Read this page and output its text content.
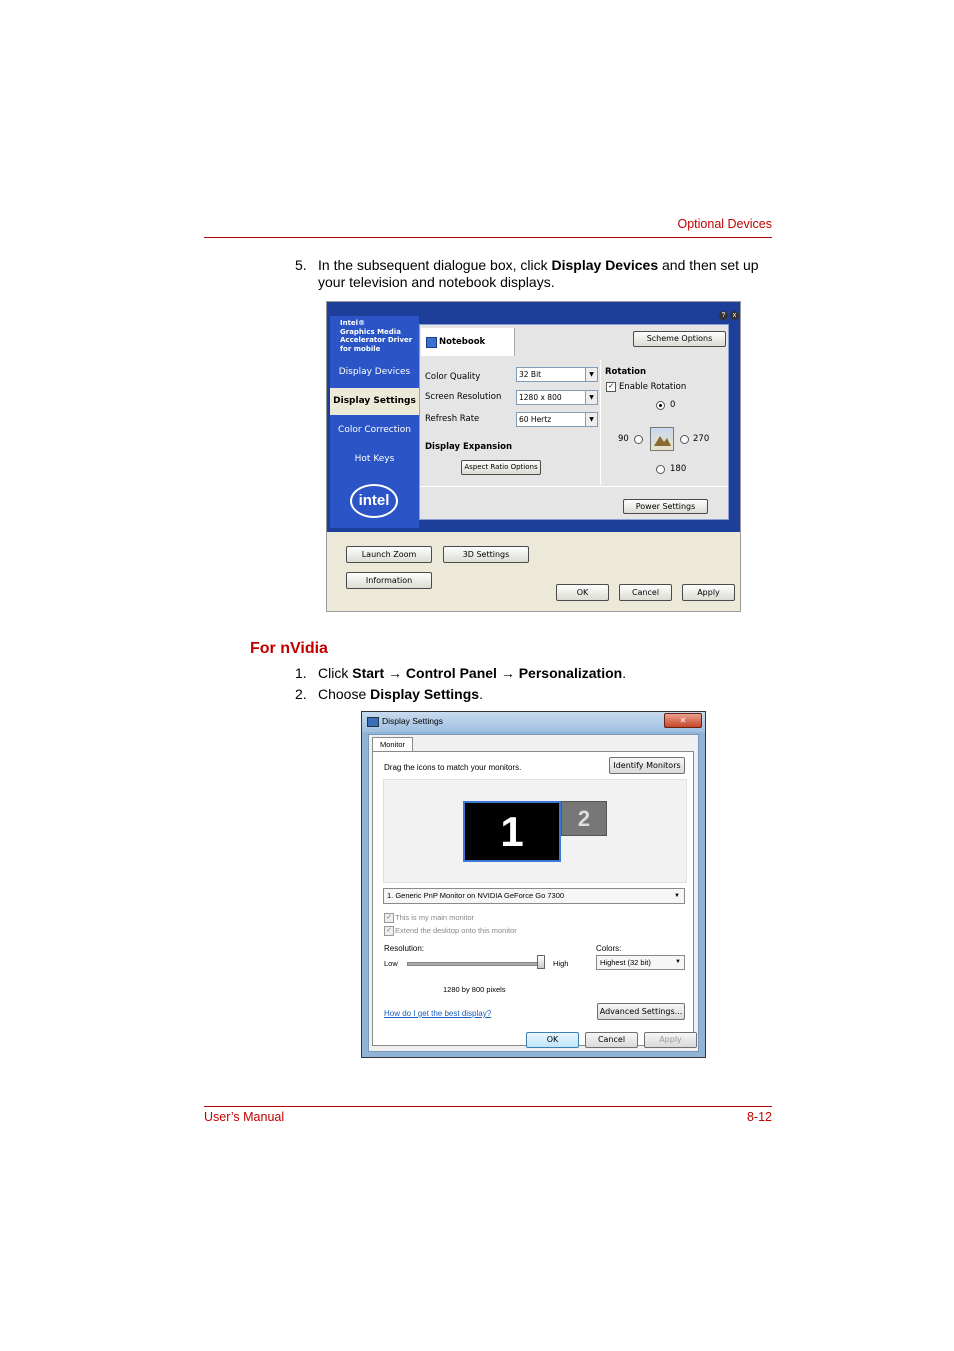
Optional Devices
5. In the subsequent dialogue box, click Display Devices and then set up your television and notebook displays.
?	x
Intel®
Graphics Media
Accelerator Driver
for mobile
Display Devices
Display Settings
Color Correction
Hot Keys
intel
Notebook	Scheme Options
Color Quality	32 Bit	▼
Screen Resolution	1280 x 800	▼
Refresh Rate	60 Hertz	▼
Display Expansion
Aspect Ratio Options
Rotation
✓ Enable Rotation
0
90	270
180
Power Settings
Launch Zoom	3D Settings
Information
OK	Cancel	Apply
For nVidia
1. Click Start → Control Panel → Personalization.
2. Choose Display Settings.
Display Settings	✕
Monitor
Drag the icons to match your monitors.	Identify Monitors
1	2
1. Generic PnP Monitor on NVIDIA GeForce Go 7300	▼
✓ This is my main monitor
✓ Extend the desktop onto this monitor
Resolution:
Low	High
1280 by 800 pixels
Colors:
Highest (32 bit)	▼
How do I get the best display?	Advanced Settings...
OK	Cancel	Apply
User’s Manual	8-12
